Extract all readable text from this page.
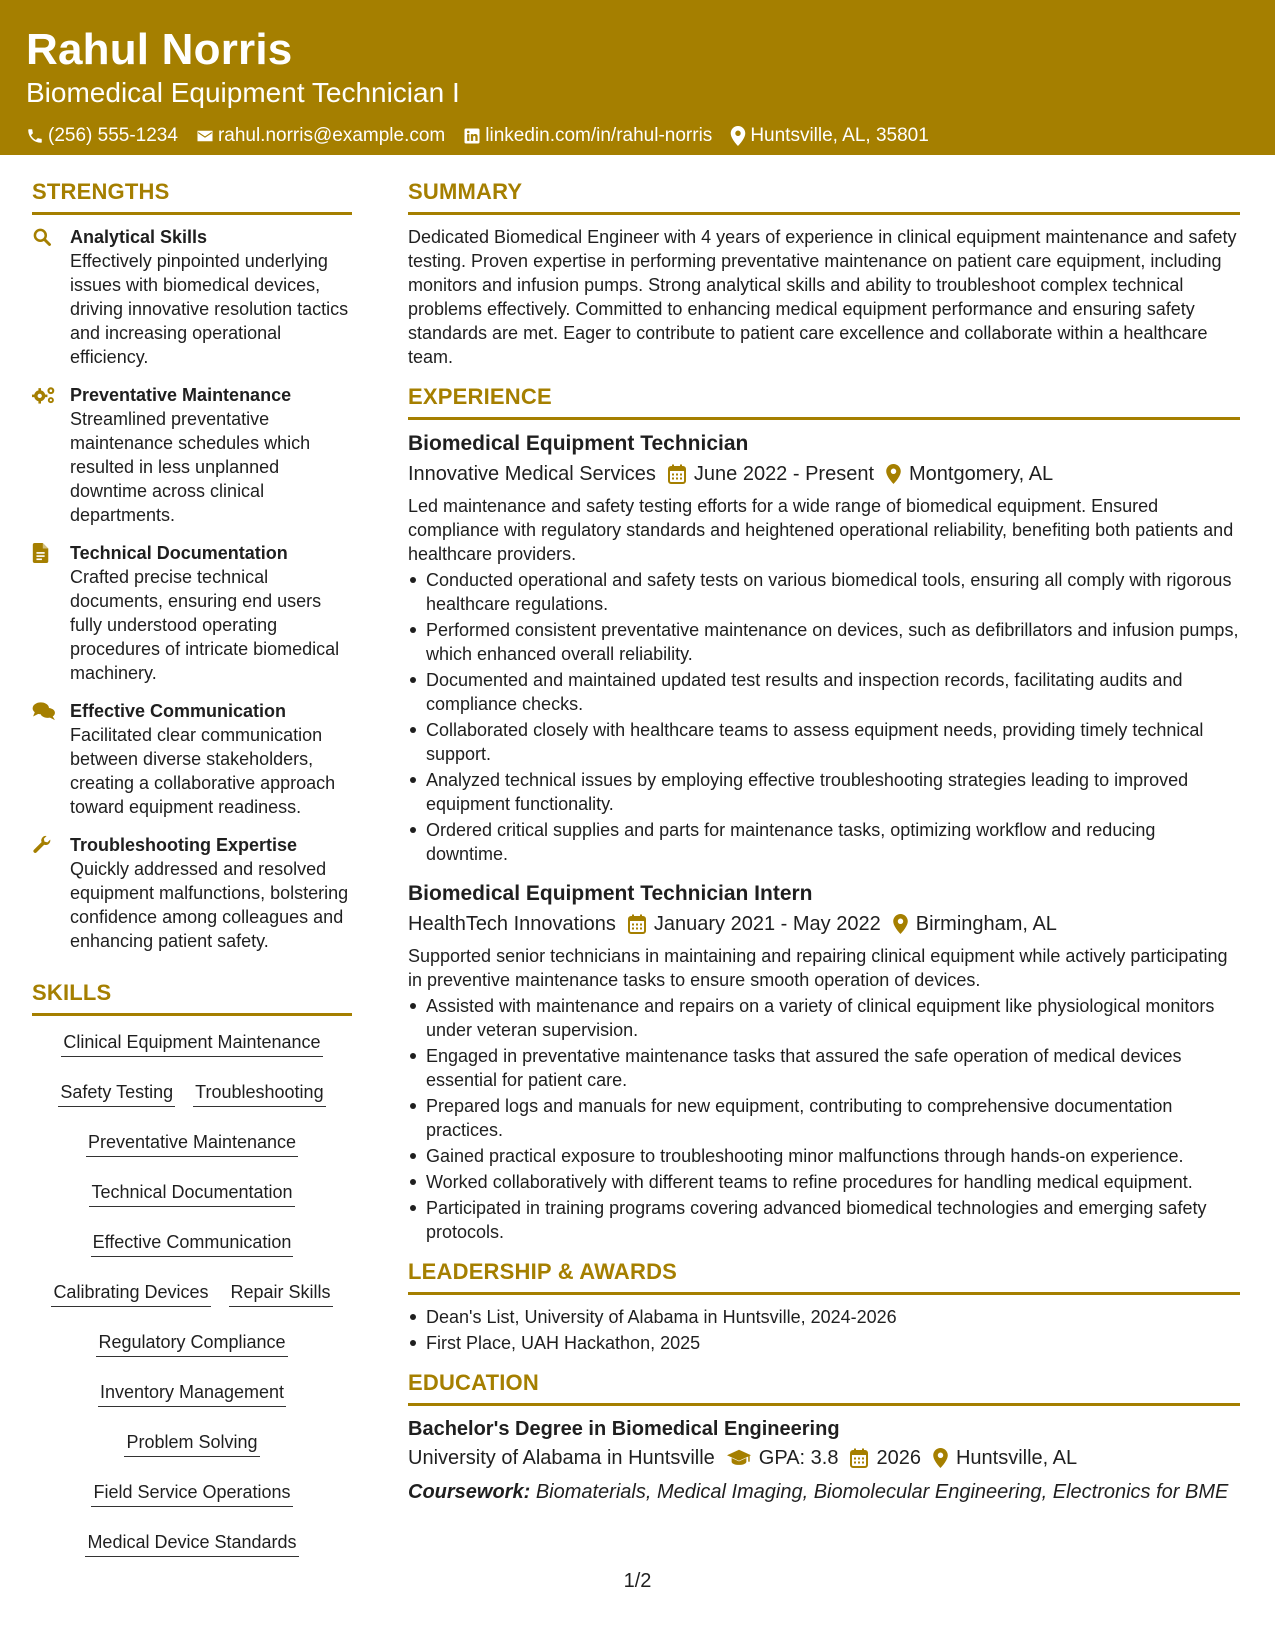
Rahul Norris
Biomedical Equipment Technician I
(256) 555-1234 rahul.norris@example.com linkedin.com/in/rahul-norris Huntsville, AL, 35801
STRENGTHS
Analytical Skills
Effectively pinpointed underlying issues with biomedical devices, driving innovative resolution tactics and increasing operational efficiency.
Preventative Maintenance
Streamlined preventative maintenance schedules which resulted in less unplanned downtime across clinical departments.
Technical Documentation
Crafted precise technical documents, ensuring end users fully understood operating procedures of intricate biomedical machinery.
Effective Communication
Facilitated clear communication between diverse stakeholders, creating a collaborative approach toward equipment readiness.
Troubleshooting Expertise
Quickly addressed and resolved equipment malfunctions, bolstering confidence among colleagues and enhancing patient safety.
SKILLS
Clinical Equipment Maintenance
Safety Testing Troubleshooting
Preventative Maintenance
Technical Documentation
Effective Communication
Calibrating Devices Repair Skills
Regulatory Compliance
Inventory Management
Problem Solving
Field Service Operations
Medical Device Standards
SUMMARY
Dedicated Biomedical Engineer with 4 years of experience in clinical equipment maintenance and safety testing. Proven expertise in performing preventative maintenance on patient care equipment, including monitors and infusion pumps. Strong analytical skills and ability to troubleshoot complex technical problems effectively. Committed to enhancing medical equipment performance and ensuring safety standards are met. Eager to contribute to patient care excellence and collaborate within a healthcare team.
EXPERIENCE
Biomedical Equipment Technician
Innovative Medical Services June 2022 - Present Montgomery, AL
Led maintenance and safety testing efforts for a wide range of biomedical equipment. Ensured compliance with regulatory standards and heightened operational reliability, benefiting both patients and healthcare providers.
Conducted operational and safety tests on various biomedical tools, ensuring all comply with rigorous healthcare regulations.
Performed consistent preventative maintenance on devices, such as defibrillators and infusion pumps, which enhanced overall reliability.
Documented and maintained updated test results and inspection records, facilitating audits and compliance checks.
Collaborated closely with healthcare teams to assess equipment needs, providing timely technical support.
Analyzed technical issues by employing effective troubleshooting strategies leading to improved equipment functionality.
Ordered critical supplies and parts for maintenance tasks, optimizing workflow and reducing downtime.
Biomedical Equipment Technician Intern
HealthTech Innovations January 2021 - May 2022 Birmingham, AL
Supported senior technicians in maintaining and repairing clinical equipment while actively participating in preventive maintenance tasks to ensure smooth operation of devices.
Assisted with maintenance and repairs on a variety of clinical equipment like physiological monitors under veteran supervision.
Engaged in preventative maintenance tasks that assured the safe operation of medical devices essential for patient care.
Prepared logs and manuals for new equipment, contributing to comprehensive documentation practices.
Gained practical exposure to troubleshooting minor malfunctions through hands-on experience.
Worked collaboratively with different teams to refine procedures for handling medical equipment.
Participated in training programs covering advanced biomedical technologies and emerging safety protocols.
LEADERSHIP & AWARDS
Dean's List, University of Alabama in Huntsville, 2024-2026
First Place, UAH Hackathon, 2025
EDUCATION
Bachelor's Degree in Biomedical Engineering
University of Alabama in Huntsville GPA: 3.8 2026 Huntsville, AL
Coursework: Biomaterials, Medical Imaging, Biomolecular Engineering, Electronics for BME
1/2
